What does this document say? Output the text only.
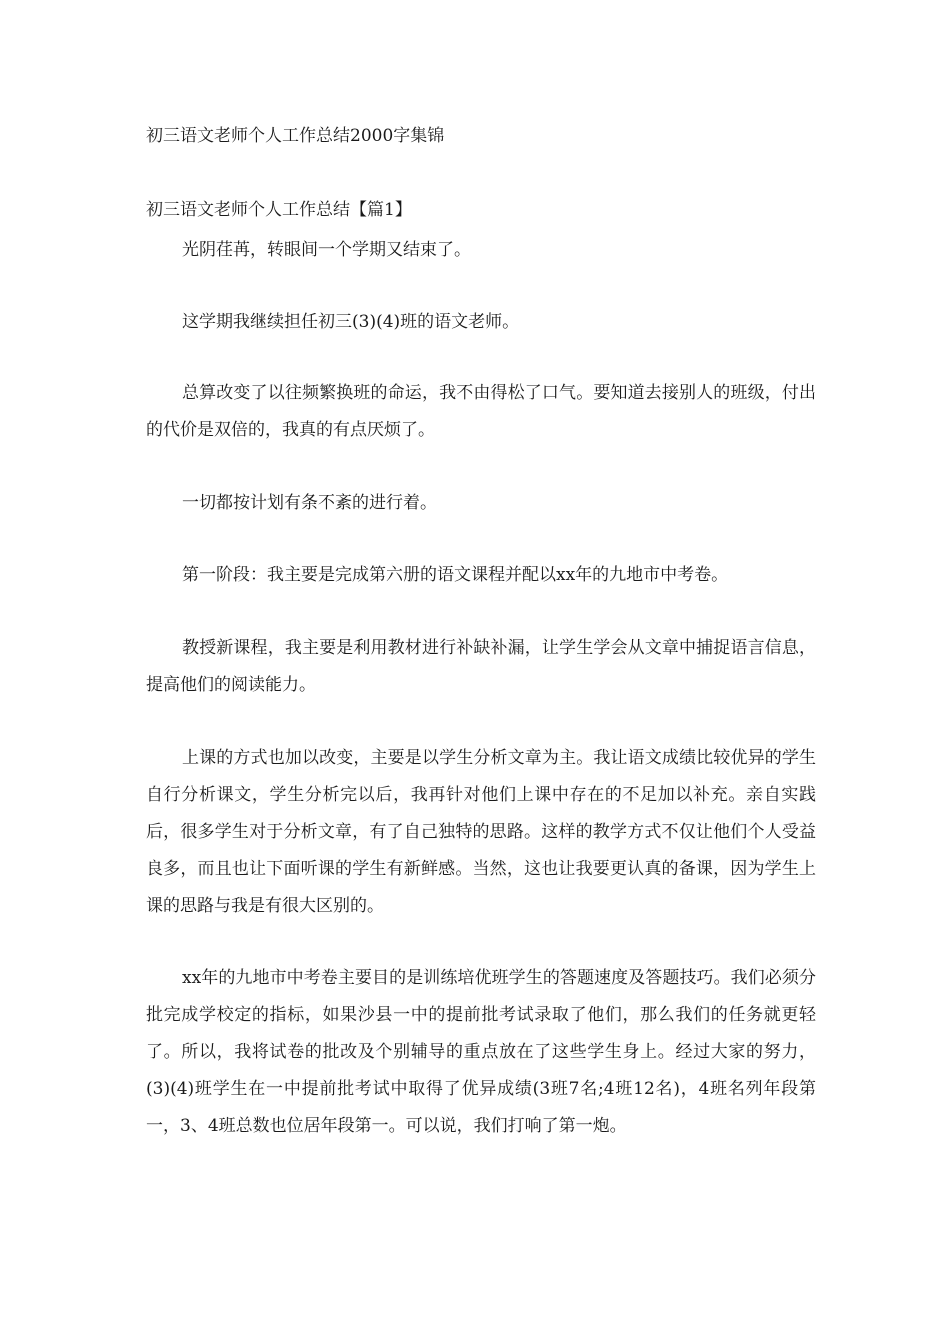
初三语文老师个人工作总结2000字集锦
初三语文老师个人工作总结【篇1】

光阴荏苒，转眼间一个学期又结束了。

这学期我继续担任初三(3)(4)班的语文老师。

总算改变了以往频繁换班的命运，我不由得松了口气。要知道去接别人的班级，付出的代价是双倍的，我真的有点厌烦了。

一切都按计划有条不紊的进行着。

第一阶段：我主要是完成第六册的语文课程并配以xx年的九地市中考卷。

教授新课程，我主要是利用教材进行补缺补漏，让学生学会从文章中捕捉语言信息，提高他们的阅读能力。

上课的方式也加以改变，主要是以学生分析文章为主。我让语文成绩比较优异的学生自行分析课文，学生分析完以后，我再针对他们上课中存在的不足加以补充。亲自实践后，很多学生对于分析文章，有了自己独特的思路。这样的教学方式不仅让他们个人受益良多，而且也让下面听课的学生有新鲜感。当然，这也让我要更认真的备课，因为学生上课的思路与我是有很大区别的。

xx年的九地市中考卷主要目的是训练培优班学生的答题速度及答题技巧。我们必须分批完成学校定的指标，如果沙县一中的提前批考试录取了他们，那么我们的任务就更轻了。所以，我将试卷的批改及个别辅导的重点放在了这些学生身上。经过大家的努力，(3)(4)班学生在一中提前批考试中取得了优异成绩(3班7名;4班12名)，4班名列年段第一，3、4班总数也位居年段第一。可以说，我们打响了第一炮。
